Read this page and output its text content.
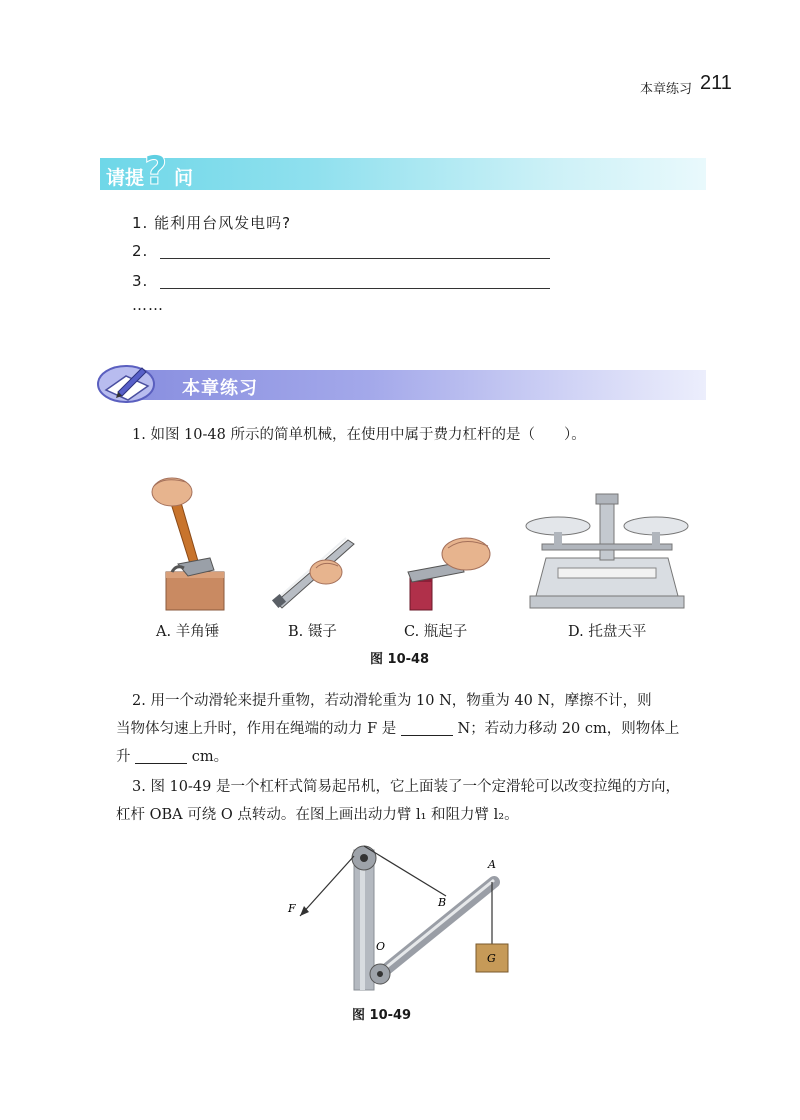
本章练习 211
请提 ? 问
1. 能利用台风发电吗?
2.
3.
……
本章练习
1. 如图 10-48 所示的简单机械，在使用中属于费力杠杆的是（　　）。
A. 羊角锤	B. 镊子	C. 瓶起子	D. 托盘天平
图 10-48
2. 用一个动滑轮来提升重物，若动滑轮重为 10 N，物重为 40 N，摩擦不计，则
当物体匀速上升时，作用在绳端的动力 F 是	N；若动力移动 20 cm，则物体上
升	cm。
3. 图 10-49 是一个杠杆式简易起吊机，它上面装了一个定滑轮可以改变拉绳的方向，
杠杆 OBA 可绕 O 点转动。在图上画出动力臂 l₁ 和阻力臂 l₂。
A
B
O
F
G
图 10-49
